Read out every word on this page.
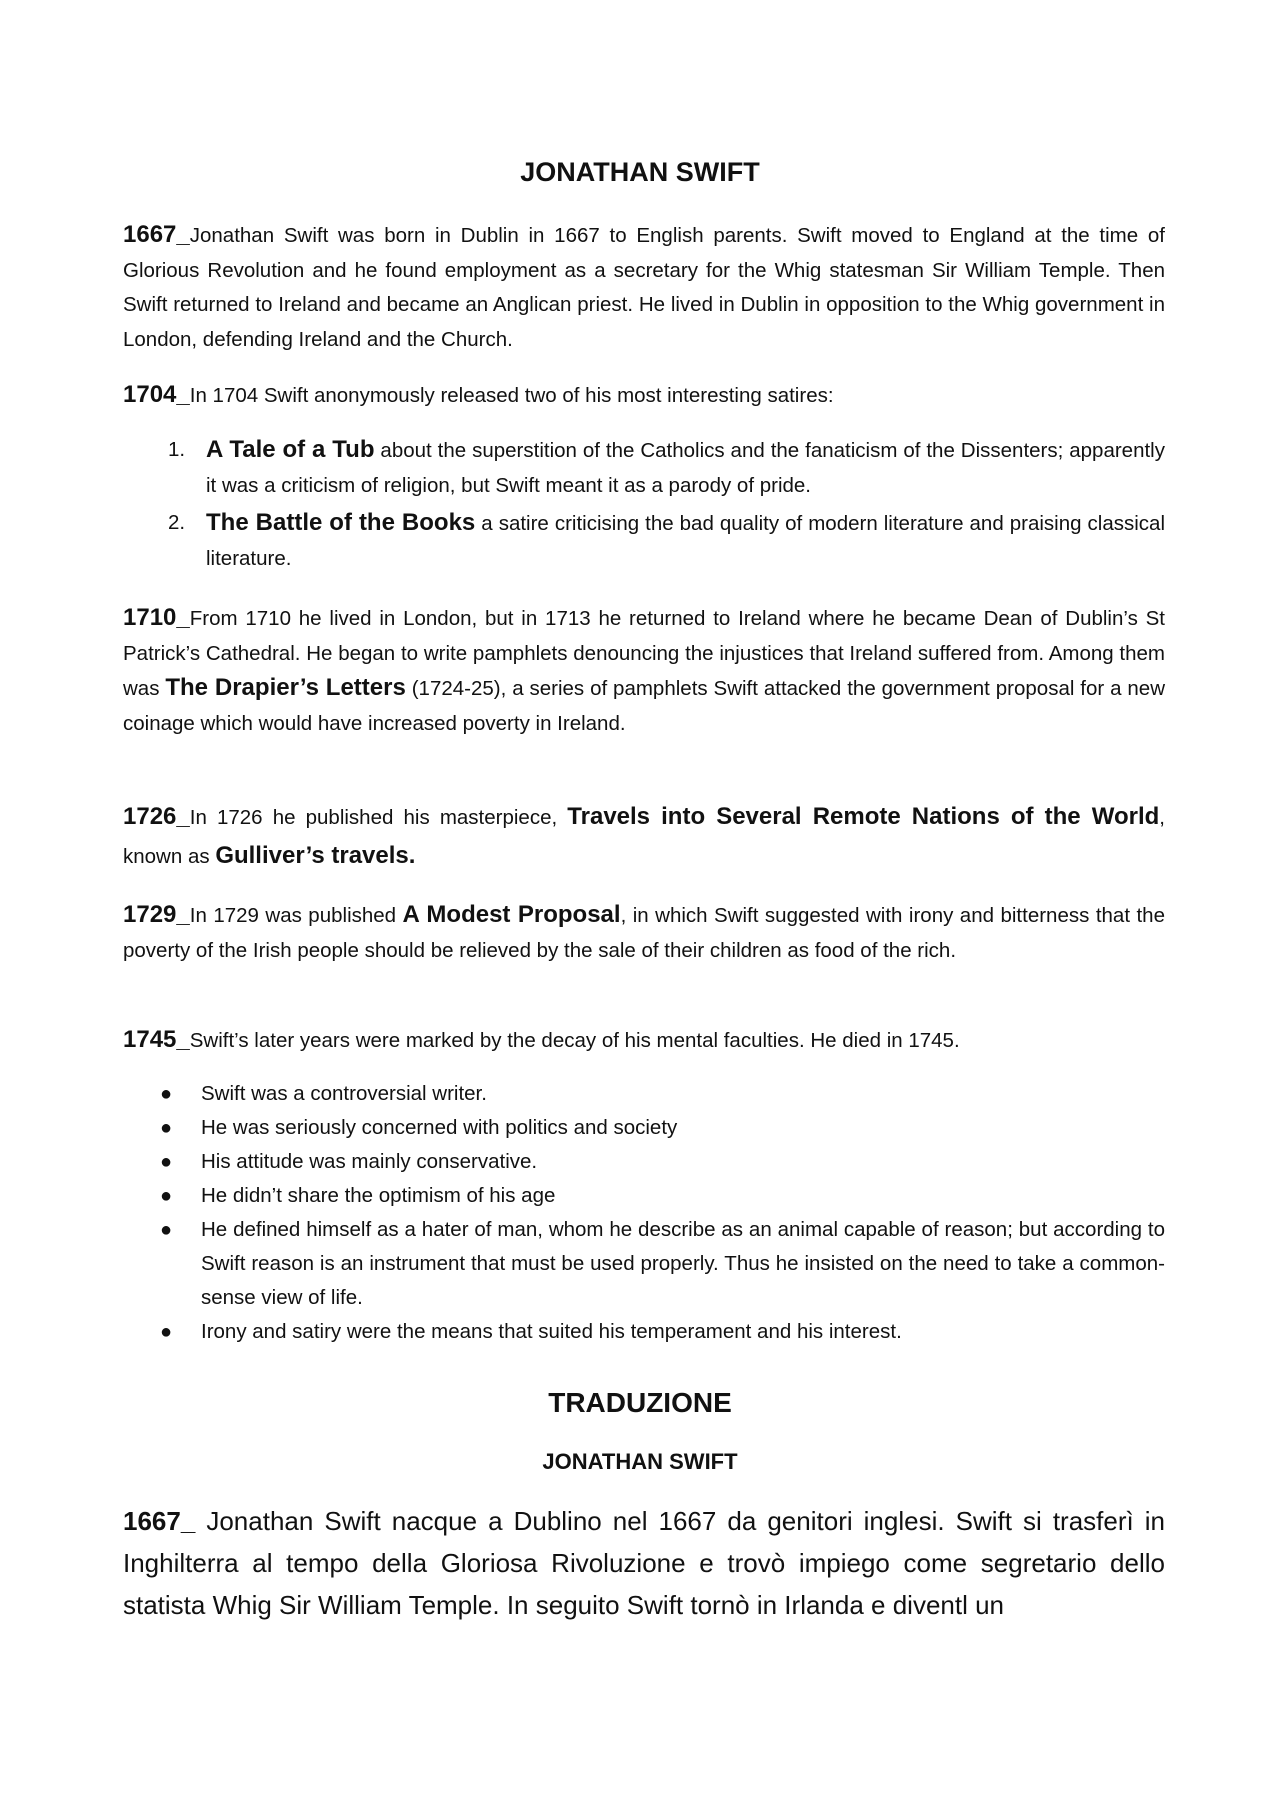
JONATHAN SWIFT

1667_Jonathan Swift was born in Dublin in 1667 to English parents. Swift moved to England at the time of Glorious Revolution and he found employment as a secretary for the Whig statesman Sir William Temple. Then Swift returned to Ireland and became an Anglican priest. He lived in Dublin in opposition to the Whig government in London, defending Ireland and the Church.

1704_In 1704 Swift anonymously released two of his most interesting satires:

1. A Tale of a Tub about the superstition of the Catholics and the fanaticism of the Dissenters; apparently it was a criticism of religion, but Swift meant it as a parody of pride.
2. The Battle of the Books a satire criticising the bad quality of modern literature and praising classical literature.

1710_From 1710 he lived in London, but in 1713 he returned to Ireland where he became Dean of Dublin’s St Patrick’s Cathedral. He began to write pamphlets denouncing the injustices that Ireland suffered from. Among them was The Drapier’s Letters (1724-25), a series of pamphlets Swift attacked the government proposal for a new coinage which would have increased poverty in Ireland.

1726_In 1726 he published his masterpiece, Travels into Several Remote Nations of the World, known as Gulliver’s travels.

1729_In 1729 was published A Modest Proposal, in which Swift suggested with irony and bitterness that the poverty of the Irish people should be relieved by the sale of their children as food of the rich.

1745_Swift’s later years were marked by the decay of his mental faculties. He died in 1745.

● Swift was a controversial writer.
● He was seriously concerned with politics and society
● His attitude was mainly conservative.
● He didn’t share the optimism of his age
● He defined himself as a hater of man, whom he describe as an animal capable of reason; but according to Swift reason is an instrument that must be used properly. Thus he insisted on the need to take a common-sense view of life.
● Irony and satiry were the means that suited his temperament and his interest.
TRADUZIONE
JONATHAN SWIFT

1667_ Jonathan Swift nacque a Dublino nel 1667 da genitori inglesi. Swift si trasferì in Inghilterra al tempo della Gloriosa Rivoluzione e trovò impiego come segretario dello statista Whig Sir William Temple. In seguito Swift tornò in Irlanda e diventl un
